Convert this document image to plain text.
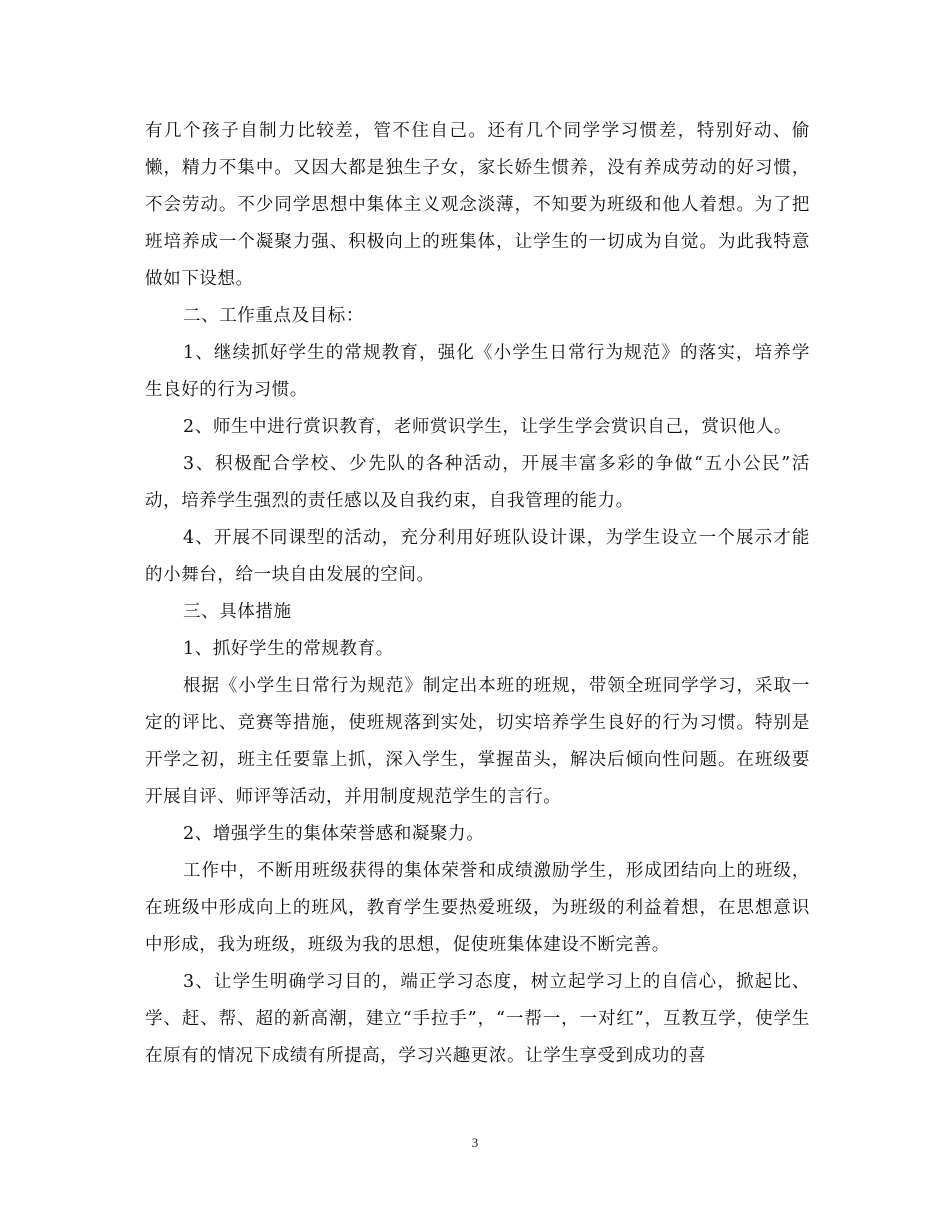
有几个孩子自制力比较差，管不住自己。还有几个同学学习惯差，特别好动、偷懒，精力不集中。又因大都是独生子女，家长娇生惯养，没有养成劳动的好习惯，不会劳动。不少同学思想中集体主义观念淡薄，不知要为班级和他人着想。为了把班培养成一个凝聚力强、积极向上的班集体，让学生的一切成为自觉。为此我特意做如下设想。

二、工作重点及目标：

1、继续抓好学生的常规教育，强化《小学生日常行为规范》的落实，培养学生良好的行为习惯。

2、师生中进行赏识教育，老师赏识学生，让学生学会赏识自己，赏识他人。

3、积极配合学校、少先队的各种活动，开展丰富多彩的争做“五小公民”活动，培养学生强烈的责任感以及自我约束，自我管理的能力。

4、开展不同课型的活动，充分利用好班队设计课，为学生设立一个展示才能的小舞台，给一块自由发展的空间。

三、具体措施

1、抓好学生的常规教育。

根据《小学生日常行为规范》制定出本班的班规，带领全班同学学习，采取一定的评比、竞赛等措施，使班规落到实处，切实培养学生良好的行为习惯。特别是开学之初，班主任要靠上抓，深入学生，掌握苗头，解决后倾向性问题。在班级要开展自评、师评等活动，并用制度规范学生的言行。

2、增强学生的集体荣誉感和凝聚力。

工作中，不断用班级获得的集体荣誉和成绩激励学生，形成团结向上的班级，在班级中形成向上的班风，教育学生要热爱班级，为班级的利益着想，在思想意识中形成，我为班级，班级为我的思想，促使班集体建设不断完善。

3、让学生明确学习目的，端正学习态度，树立起学习上的自信心，掀起比、学、赶、帮、超的新高潮，建立“手拉手”，“一帮一，一对红”，互教互学，使学生在原有的情况下成绩有所提高，学习兴趣更浓。让学生享受到成功的喜

3
